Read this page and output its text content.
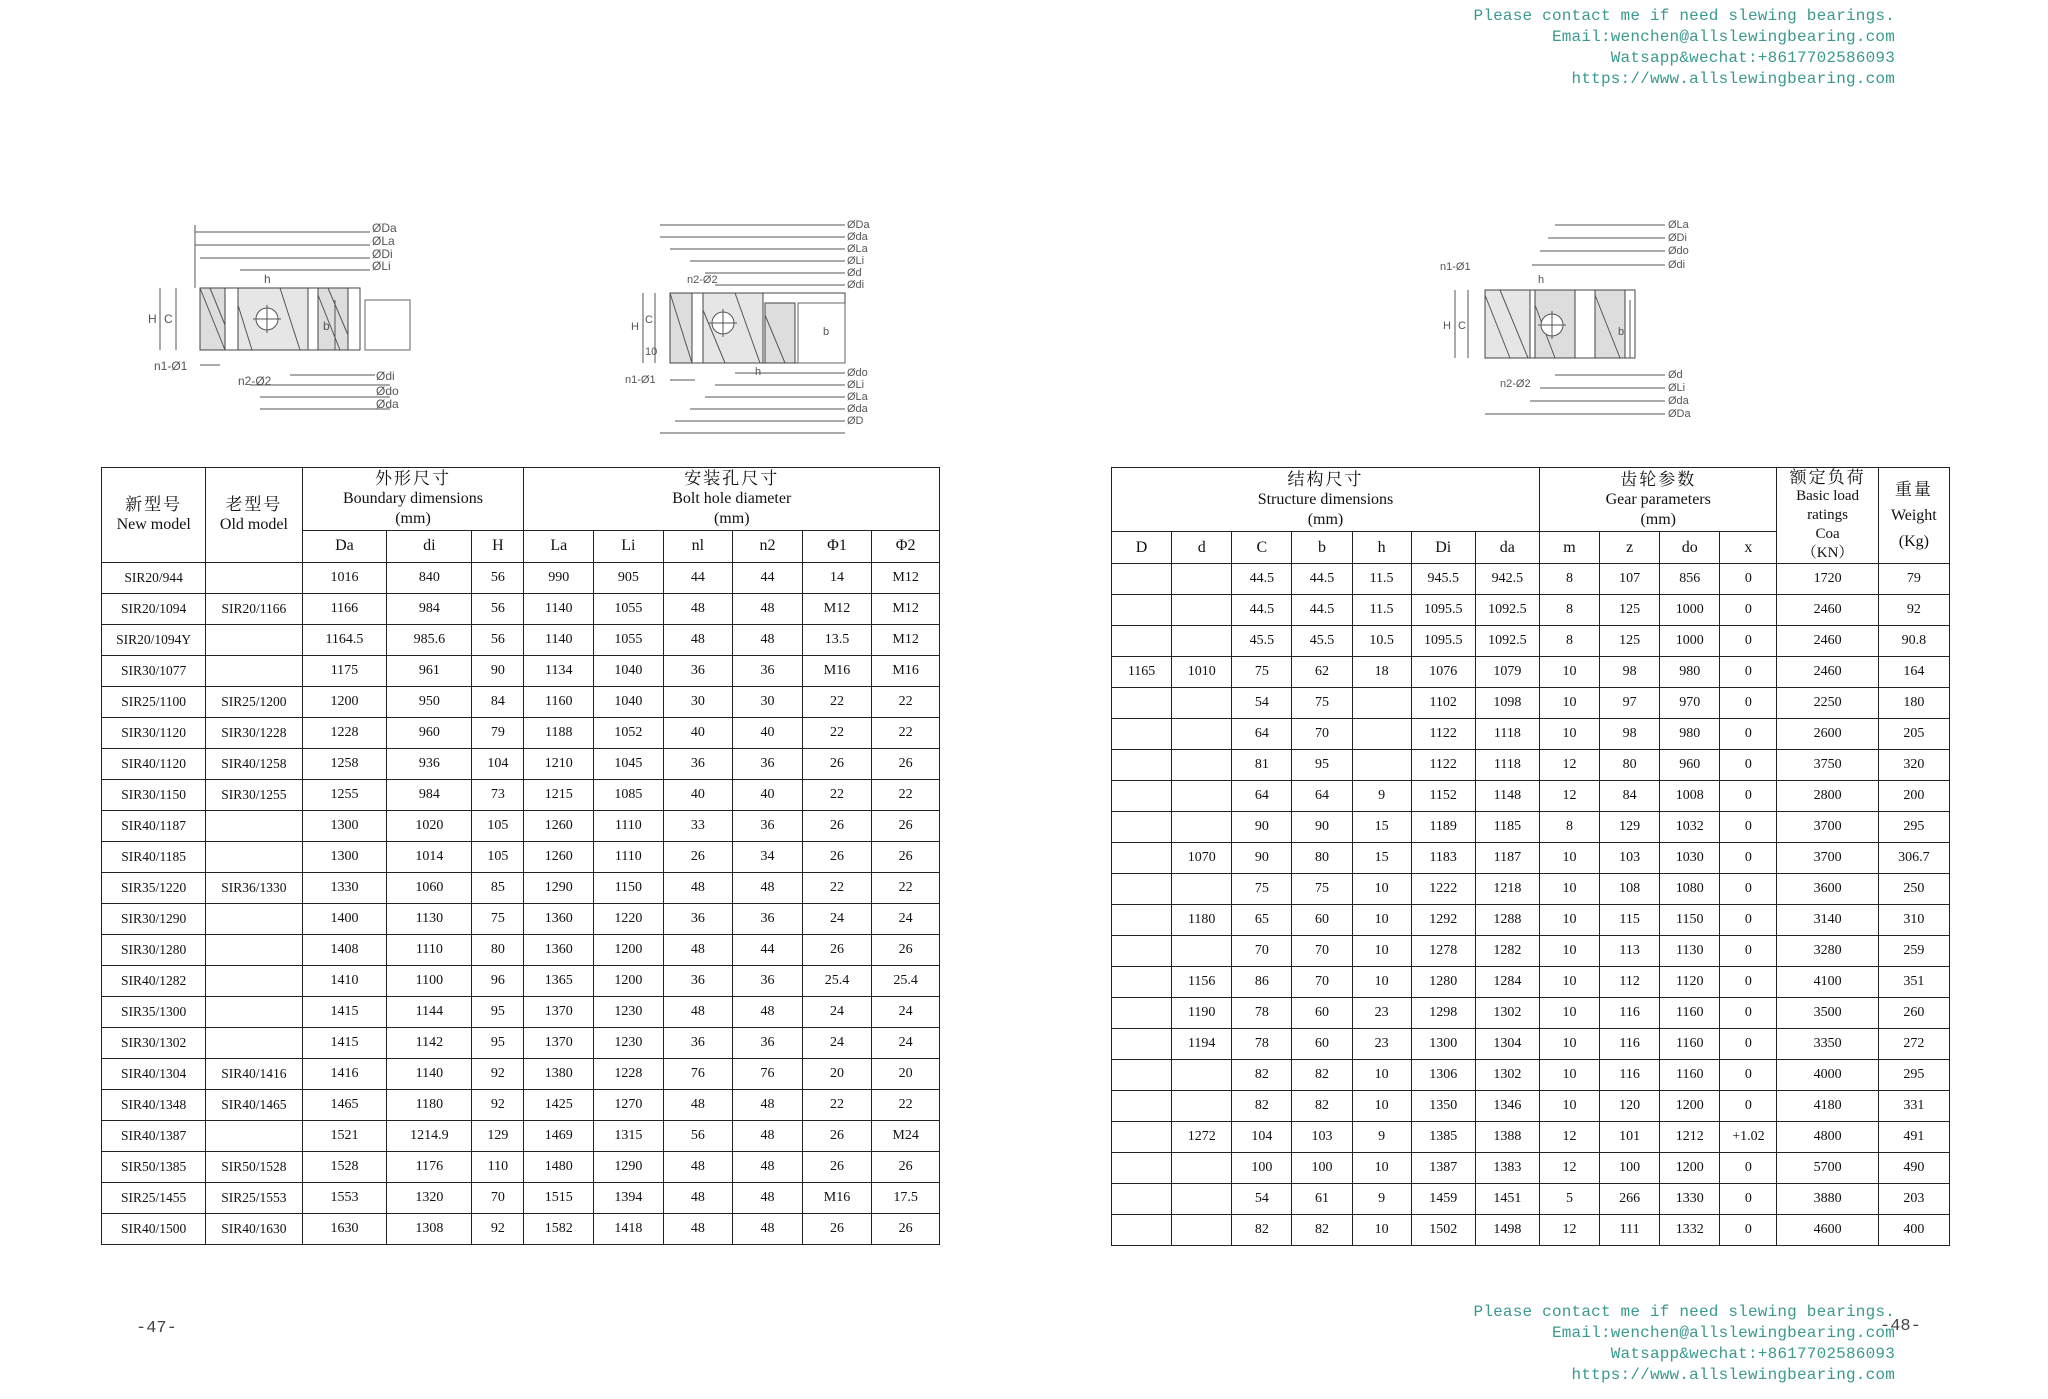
Please contact me if need slewing bearings.
Email:wenchen@allslewingbearing.com
Watsapp&wechat:+8617702586093
https://www.allslewingbearing.com
ØDa
ØLa
ØDi
ØLi
h
H C	b
n1-Ø1
n2-Ø2	Ødi
Ødo
Øda
ØDa
Øda
ØLa
ØLi
Ød
Ødi
n2-Ø2
b
H
C
10
n1-Ø1
h	Ødo
ØLi
ØLa
Øda
ØD
ØLa
ØDi
Ødo
Ødi
n1-Ø1
h
H C	b
n2-Ø2
Ød
ØLi
Øda
ØDa
新型号
New model	老型号
Old model	外形尺寸
Boundary dimensions
(mm)			安装孔尺寸
Bolt hole diameter
(mm)					

		Da	di	H	La	Li	nl	n2	Φ1	Φ2
SIR20/944		1016	840	56	990	905	44	44	14	M12
SIR20/1094	SIR20/1166	1166	984	56	1140	1055	48	48	M12	M12
SIR20/1094Y		1164.5	985.6	56	1140	1055	48	48	13.5	M12
SIR30/1077		1175	961	90	1134	1040	36	36	M16	M16
SIR25/1100	SIR25/1200	1200	950	84	1160	1040	30	30	22	22
SIR30/1120	SIR30/1228	1228	960	79	1188	1052	40	40	22	22
SIR40/1120	SIR40/1258	1258	936	104	1210	1045	36	36	26	26
SIR30/1150	SIR30/1255	1255	984	73	1215	1085	40	40	22	22
SIR40/1187		1300	1020	105	1260	1110	33	36	26	26
SIR40/1185		1300	1014	105	1260	1110	26	34	26	26
SIR35/1220	SIR36/1330	1330	1060	85	1290	1150	48	48	22	22
SIR30/1290		1400	1130	75	1360	1220	36	36	24	24
SIR30/1280		1408	1110	80	1360	1200	48	44	26	26
SIR40/1282		1410	1100	96	1365	1200	36	36	25.4	25.4
SIR35/1300		1415	1144	95	1370	1230	48	48	24	24
SIR30/1302		1415	1142	95	1370	1230	36	36	24	24
SIR40/1304	SIR40/1416	1416	1140	92	1380	1228	76	76	20	20
SIR40/1348	SIR40/1465	1465	1180	92	1425	1270	48	48	22	22
SIR40/1387		1521	1214.9	129	1469	1315	56	48	26	M24
SIR50/1385	SIR50/1528	1528	1176	110	1480	1290	48	48	26	26
SIR25/1455	SIR25/1553	1553	1320	70	1515	1394	48	48	M16	17.5
SIR40/1500	SIR40/1630	1630	1308	92	1582	1418	48	48	26	26
结构尺寸
Structure dimensions
(mm)							齿轮参数
Gear parameters
(mm)				额定负荷
Basic load
ratings
Coa
（KN）	重量
Weight
(Kg)

D	d	C	b	h	Di	da	m	z	do	x		
		44.5	44.5	11.5	945.5	942.5	8	107	856	0	1720	79
		44.5	44.5	11.5	1095.5	1092.5	8	125	1000	0	2460	92
		45.5	45.5	10.5	1095.5	1092.5	8	125	1000	0	2460	90.8
1165	1010	75	62	18	1076	1079	10	98	980	0	2460	164
		54	75		1102	1098	10	97	970	0	2250	180
		64	70		1122	1118	10	98	980	0	2600	205
		81	95		1122	1118	12	80	960	0	3750	320
		64	64	9	1152	1148	12	84	1008	0	2800	200
		90	90	15	1189	1185	8	129	1032	0	3700	295
	1070	90	80	15	1183	1187	10	103	1030	0	3700	306.7
		75	75	10	1222	1218	10	108	1080	0	3600	250
	1180	65	60	10	1292	1288	10	115	1150	0	3140	310
		70	70	10	1278	1282	10	113	1130	0	3280	259
	1156	86	70	10	1280	1284	10	112	1120	0	4100	351
	1190	78	60	23	1298	1302	10	116	1160	0	3500	260
	1194	78	60	23	1300	1304	10	116	1160	0	3350	272
		82	82	10	1306	1302	10	116	1160	0	4000	295
		82	82	10	1350	1346	10	120	1200	0	4180	331
	1272	104	103	9	1385	1388	12	101	1212	+1.02	4800	491
		100	100	10	1387	1383	12	100	1200	0	5700	490
		54	61	9	1459	1451	5	266	1330	0	3880	203
		82	82	10	1502	1498	12	111	1332	0	4600	400
-47-	-48-
Please contact me if need slewing bearings.
Email:wenchen@allslewingbearing.com
Watsapp&wechat:+8617702586093
https://www.allslewingbearing.com
